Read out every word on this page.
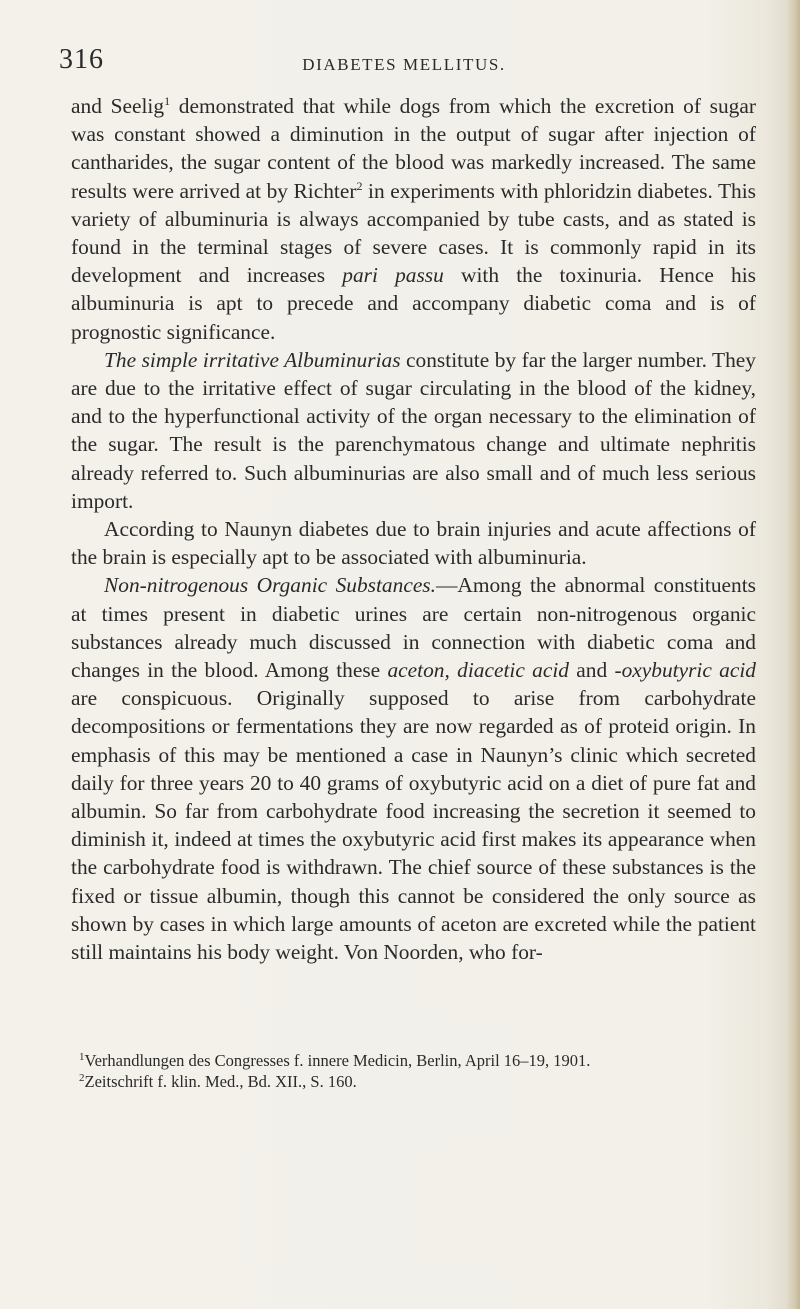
316	DIABETES MELLITUS.

and Seelig$^1$ demonstrated that while dogs from which the excretion of sugar was constant showed a diminution in the output of sugar after injection of cantharides, the sugar content of the blood was markedly increased. The same results were arrived at by Richter$^2$ in experiments with phloridzin diabetes. This variety of albuminuria is always accompanied by tube casts, and as stated is found in the terminal stages of severe cases. It is commonly rapid in its development and increases pari passu with the toxinuria. Hence his albuminuria is apt to precede and accompany diabetic coma and is of prognostic significance.

The simple irritative Albuminurias constitute by far the larger number. They are due to the irritative effect of sugar circulating in the blood of the kidney, and to the hyperfunctional activity of the organ necessary to the elimination of the sugar. The result is the parenchymatous change and ultimate nephritis already referred to. Such albuminurias are also small and of much less serious import.

According to Naunyn diabetes due to brain injuries and acute affections of the brain is especially apt to be associated with albuminuria.

Non-nitrogenous Organic Substances.—Among the abnormal constituents at times present in diabetic urines are certain non-nitrogenous organic substances already much discussed in connection with diabetic coma and changes in the blood. Among these aceton, diacetic acid and -oxybutyric acid are conspicuous. Originally supposed to arise from carbohydrate decompositions or fermentations they are now regarded as of proteid origin. In emphasis of this may be mentioned a case in Naunyn’s clinic which secreted daily for three years 20 to 40 grams of oxybutyric acid on a diet of pure fat and albumin. So far from carbohydrate food increasing the secretion it seemed to diminish it, indeed at times the oxybutyric acid first makes its appearance when the carbohydrate food is withdrawn. The chief source of these substances is the fixed or tissue albumin, though this cannot be considered the only source as shown by cases in which large amounts of aceton are excreted while the patient still maintains his body weight. Von Noorden, who for-

$^1$Verhandlungen des Congresses f. innere Medicin, Berlin, April 16–19, 1901.
$^2$Zeitschrift f. klin. Med., Bd. XII., S. 160.
